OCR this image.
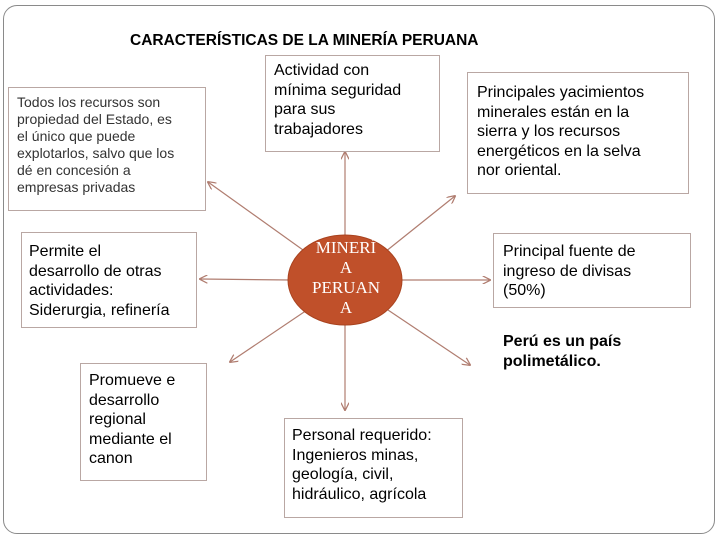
CARACTERÍSTICAS DE LA MINERÍA PERUANA
MINERÍ
A
PERUAN
A
Todos los recursos son
propiedad del Estado, es
el único que puede
explotarlos, salvo que los
dé en concesión a
empresas privadas
Actividad con
mínima seguridad
para sus
trabajadores
Principales yacimientos
minerales están en la
sierra y los recursos
energéticos en la selva
nor oriental.
Permite el
desarrollo de otras
actividades:
Siderurgia, refinería
Principal fuente de
ingreso de divisas
(50%)
Promueve e
desarrollo
regional
mediante el
canon
Personal requerido:
Ingenieros minas,
geología, civil,
hidráulico, agrícola
Perú es un país
polimetálico.
